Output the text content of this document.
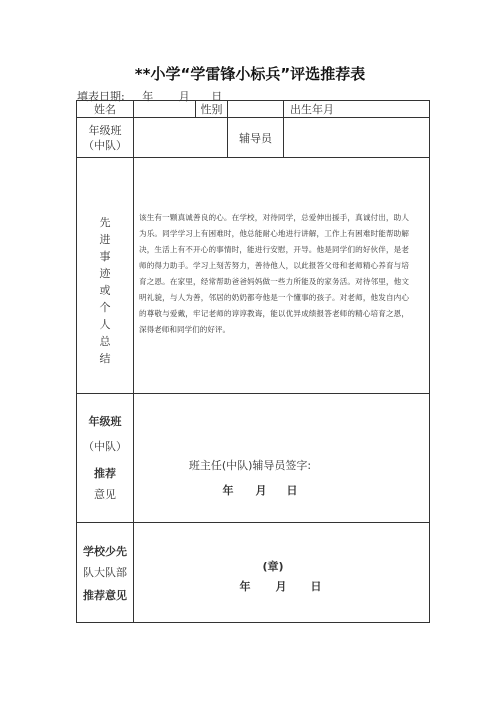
**小学“学雷锋小标兵”评选推荐表
填表日期: 年 月 日
姓名	性别	出生年月
年级班
（中队）
辅导员
先
进
事
迹
或
个
人
总
结
该生有一颗真诚善良的心。在学校，对待同学，总爱伸出援手，真诚付出，助人为乐。同学学习上有困难时，他总能耐心地进行讲解，工作上有困难时能帮助解决，生活上有不开心的事情时，能进行安慰，开导。他是同学们的好伙伴，是老师的得力助手。学习上刻苦努力，善待他人，以此报答父母和老师精心养育与培育之恩。在家里，经常帮助爸爸妈妈做一些力所能及的家务活。对待邻里，他文明礼貌，与人为善，邻居的奶奶都夸他是一个懂事的孩子。对老师，他发自内心的尊敬与爱戴，牢记老师的谆谆教诲，能以优异成绩报答老师的精心培育之恩，深得老师和同学们的好评。
年级班
（中队）
推荐
意见
班主任(中队)辅导员签字:
年 月 日
学校少先
队大队部
推荐意见
(章)
年 月 日
